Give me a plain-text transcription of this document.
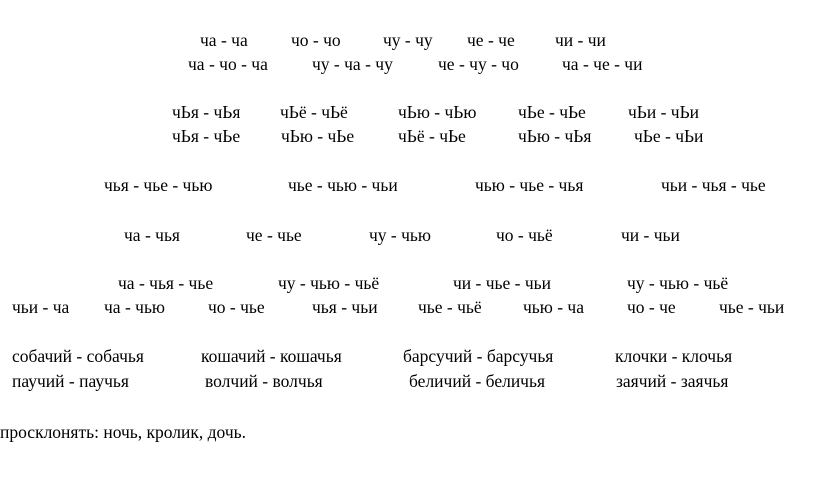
ча - ча чо - чо чу - чу че - че чи - чи
ча - чо - ча	чу - ча - чу	че - чу - чо ча - че - чи
чЬя - чЬя чЬё - чЬё	чЬю - чЬю чЬе - чЬе чЬи - чЬи
чЬя - чЬе чЬю - чЬе	чЬё - чЬе	чЬю - чЬя чЬе - чЬи
чья - чье - чью	чье - чью - чьи	чью - чье - чья	чьи - чья - чье
ча - чья	че - чье	чу - чью	чо - чьё	чи - чьи
ча - чья - чье	чу - чью - чьё	чи - чье - чьи	чу - чью - чьё
чьи - ча ча - чью чо - чье	чья - чьи чье - чьё чью - ча чо - че чье - чьи
собачий - собачья	кошачий - кошачья	барсучий - барсучья	клочки - клочья
паучий - паучья	волчий - волчья	беличий - беличья	заячий - заячья
просклонять: ночь, кролик, дочь.
